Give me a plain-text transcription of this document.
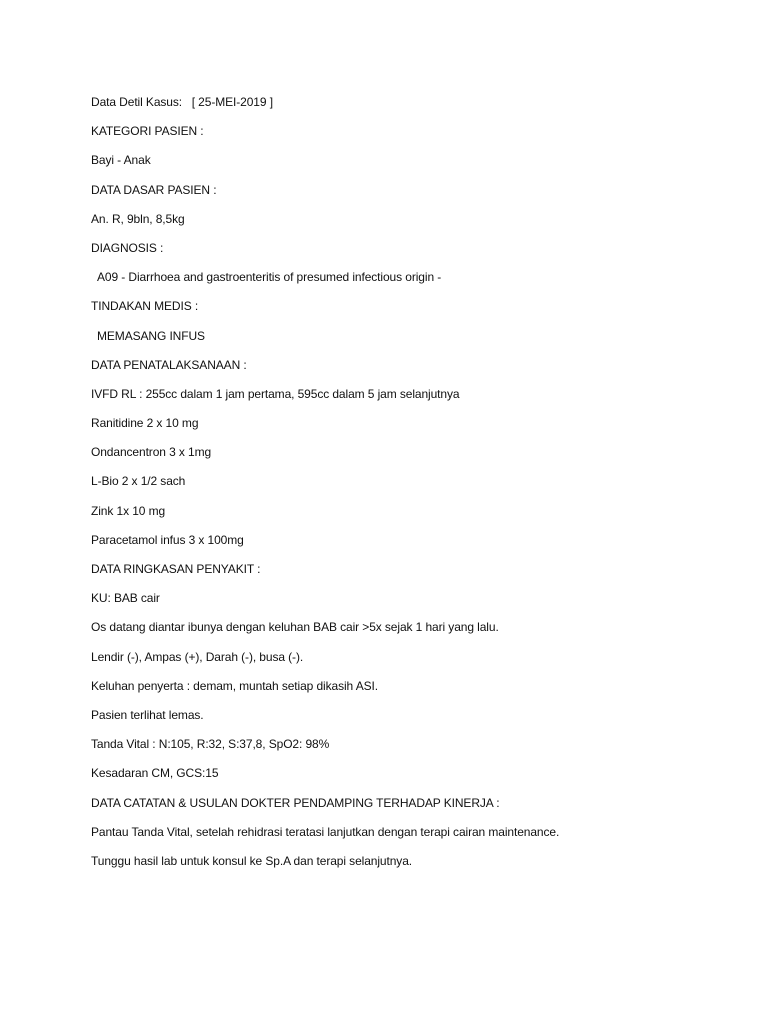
Data Detil Kasus: [ 25-MEI-2019 ]
KATEGORI PASIEN :
Bayi - Anak
DATA DASAR PASIEN :
An. R, 9bln, 8,5kg
DIAGNOSIS :
A09 - Diarrhoea and gastroenteritis of presumed infectious origin -
TINDAKAN MEDIS :
MEMASANG INFUS
DATA PENATALAKSANAAN :
IVFD RL : 255cc dalam 1 jam pertama, 595cc dalam 5 jam selanjutnya
Ranitidine 2 x 10 mg
Ondancentron 3 x 1mg
L-Bio 2 x 1/2 sach
Zink 1x 10 mg
Paracetamol infus 3 x 100mg
DATA RINGKASAN PENYAKIT :
KU: BAB cair
Os datang diantar ibunya dengan keluhan BAB cair >5x sejak 1 hari yang lalu.
Lendir (-), Ampas (+), Darah (-), busa (-).
Keluhan penyerta : demam, muntah setiap dikasih ASI.
Pasien terlihat lemas.
Tanda Vital : N:105, R:32, S:37,8, SpO2: 98%
Kesadaran CM, GCS:15
DATA CATATAN & USULAN DOKTER PENDAMPING TERHADAP KINERJA :
Pantau Tanda Vital, setelah rehidrasi teratasi lanjutkan dengan terapi cairan maintenance.
Tunggu hasil lab untuk konsul ke Sp.A dan terapi selanjutnya.
